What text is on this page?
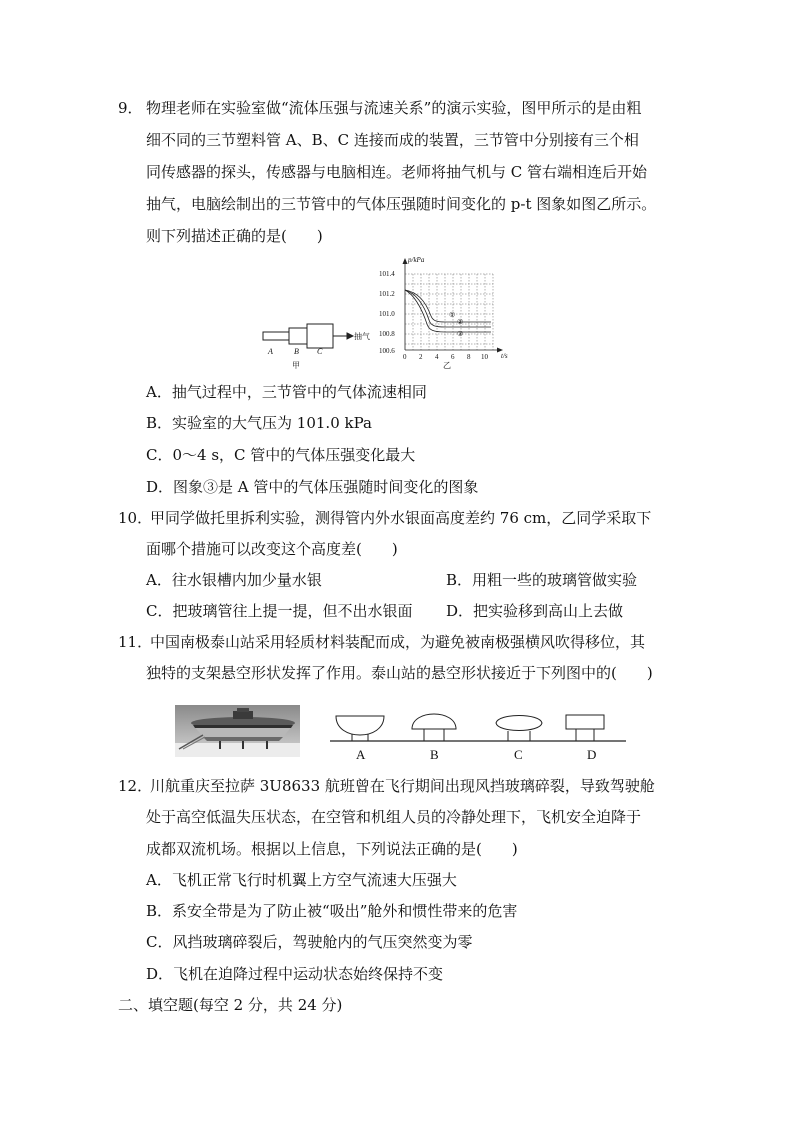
9． 物理老师在实验室做“流体压强与流速关系”的演示实验，图甲所示的是由粗
细不同的三节塑料管 A、B、C 连接而成的装置，三节管中分别接有三个相
同传感器的探头，传感器与电脑相连。老师将抽气机与 C 管右端相连后开始
抽气，电脑绘制出的三节管中的气体压强随时间变化的 p-t 图象如图乙所示。
则下列描述正确的是(　　)
A	B C
抽气
甲
①
②
③
p/kPa
t/s
101.4
101.2
101.0
100.8
100.6
0 2 4 6 8 10
乙
A．抽气过程中，三节管中的气体流速相同
B．实验室的大气压为 101.0 kPa
C．0～4 s，C 管中的气体压强变化最大
D．图象③是 A 管中的气体压强随时间变化的图象
10．
甲同学做托里拆利实验，测得管内外水银面高度差约 76 cm，乙同学采取下
面哪个措施可以改变这个高度差(　　)
A．往水银槽内加少量水银	B．用粗一些的玻璃管做实验
C．把玻璃管往上提一提，但不出水银面 D．把实验移到高山上去做
11．
中国南极泰山站采用轻质材料装配而成，为避免被南极强横风吹得移位，其
独特的支架悬空形状发挥了作用。泰山站的悬空形状接近于下列图中的(　　)
A	B	C	D
12．
川航重庆至拉萨 3U8633 航班曾在飞行期间出现风挡玻璃碎裂，导致驾驶舱
处于高空低温失压状态，在空管和机组人员的冷静处理下，飞机安全迫降于
成都双流机场。根据以上信息，下列说法正确的是(　　)
A．飞机正常飞行时机翼上方空气流速大压强大
B．系安全带是为了防止被“吸出”舱外和惯性带来的危害
C．风挡玻璃碎裂后，驾驶舱内的气压突然变为零
D．飞机在迫降过程中运动状态始终保持不变
二、填空题(每空 2 分，共 24 分)
